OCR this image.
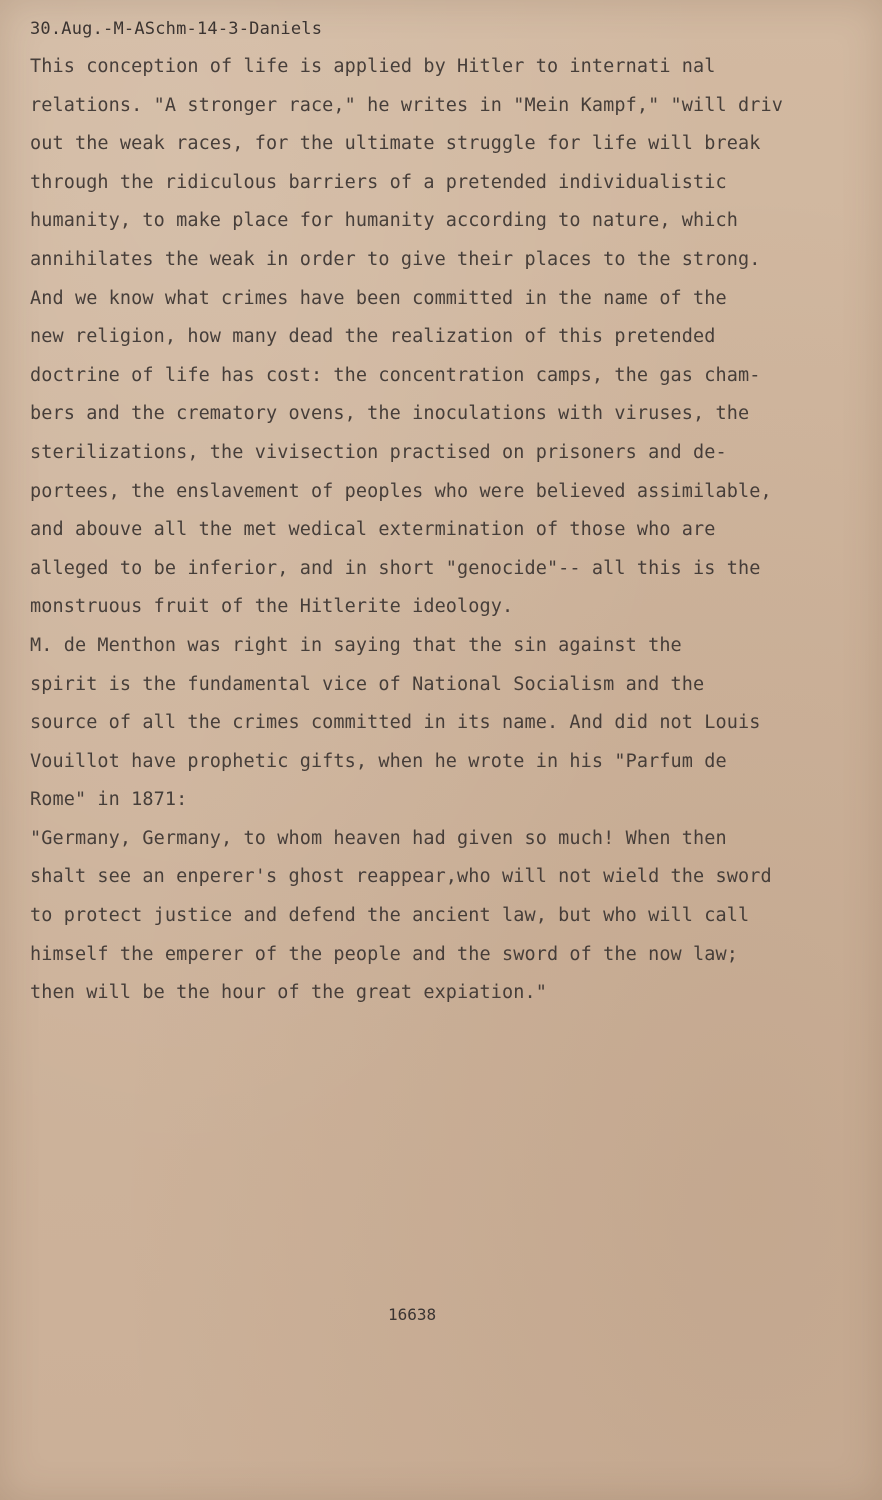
30.Aug.-M-ASchm-14-3-Daniels
This conception of life is applied by Hitler to internati nal
relations. "A stronger race," he writes in "Mein Kampf," "will driv
out the weak races, for the ultimate struggle for life will break
through the ridiculous barriers of a pretended individualistic
humanity, to make place for humanity according to nature, which
annihilates the weak in order to give their places to the strong.
And we know what crimes have been committed in the name of the
new religion, how many dead the realization of this pretended
doctrine of life has cost: the concentration camps, the gas cham-
bers and the crematory ovens, the inoculations with viruses, the
sterilizations, the vivisection practised on prisoners and de-
portees, the enslavement of peoples who were believed assimilable,
and abouve all the met wedical extermination of those who are
alleged to be inferior, and in short "genocide"-- all this is the
monstruous fruit of the Hitlerite ideology.
M. de Menthon was right in saying that the sin against the
spirit is the fundamental vice of National Socialism and the
source of all the crimes committed in its name. And did not Louis
Vouillot have prophetic gifts, when he wrote in his "Parfum de
Rome" in 1871:
"Germany, Germany, to whom heaven had given so much! When then
shalt see an enperer's ghost reappear,who will not wield the sword
to protect justice and defend the ancient law, but who will call
himself the emperer of the people and the sword of the now law;
then will be the hour of the great expiation."
16638
